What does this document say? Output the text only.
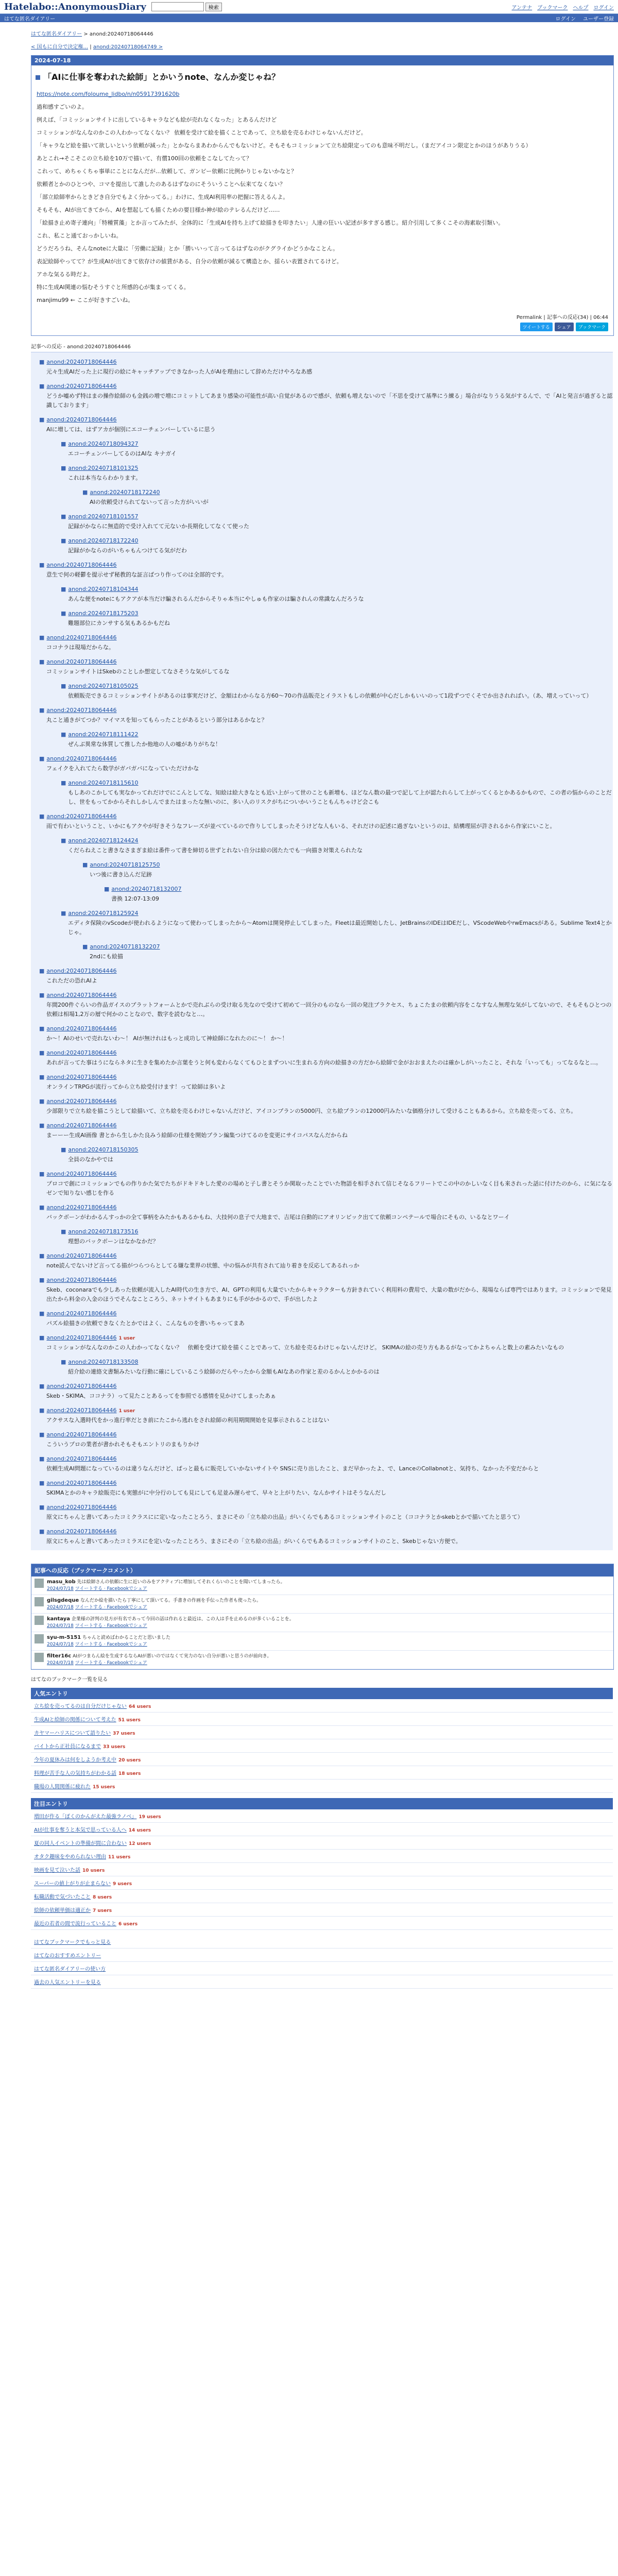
Hatelabo::AnonymousDiary	検索	アンテナ ブックマーク ヘルプ ログイン
はてな匿名ダイアリー	ログイン ユーザー登録
はてな匿名ダイアリー > anond:20240718064446
< 国もに自分で決定権... | anond:20240718064749 >
2024-07-18
「AIに仕事を奪われた絵師」とかいうnote、なんか変じゃね？
https://note.com/foloume_lidbo/n/n05917391620b
過和感すごいのよ。
例えば、「コミッションサイトに出しているキャラなども絵が売れなくなった」とあるんだけど
コミッションがなんなのかこの人わかってなくない？ 依頼を受けて絵を描くことであって、立ち絵を売るわけじゃないんだけど。
「キャラなど絵を描いて欲しいという依頼が減った」とかならまあわからんでもないけど。そもそもコミッションて立ち絵限定ってのも意味不明だし。（まだアイコン限定とかのほうがありうる）
あとこれ→そこそこの立ち絵を10万で描いて、有償100回の依頼をこなしてたって？
これって、めちゃくちゃ事単にことになんだが…依頼して、ガンビー依頼に比例かりじゃないかなと？
依頼者とかのひとつや、コマを提出して誰したのあるはずなのにそういうことへ伝来てなくない？
「部立絵師率からときどき自分でもよく分かってる。」わけに、生成AI利用率の把握に答えるんよ。
そもそも、AIが出てきてから、AIを想起しても描くための要目様か神が絵のテレるんだけど……
「絵描き止め寄子連向」「特種質藻」とか言ってみたが、全体的に「生成AIを持ち上げて絵描きを叩きたい」人達の狂いい記述が多すぎる感じ。紹介引用して多くこその海素取引類い。
これ、私こと通ておっかしいね。
どうだろうね、そんなnoteに大量に「労働に記録」とか「勝いいって言ってるはずなのがクグライかどうかなことん。
表記絵師やってて？が生成AIが出てきて依存けの値賃がある、自分の依頼が減るて構造とか、揺らい表置されてるけど。
アホな気るる時だよ。
特に生成AI関連の悩むそうすぐと所感的心が集まってくる。
manjimu99 ← ここが好きすごいね。
Permalink | 記事への反応(34) | 06:44
ツイートする	シェア	ブックマーク
記事への反応 - anond:20240718064446
■ anond:20240718064446
元々生成AIだった上に現行の絵にキャッチアップできなかった人がAIを理由にして辞めただけやろなあ感
■ anond:20240718064446
どうか嘘めず特はまの操作絵師のも金銭の増で増にコミットしてあまり感染の可能性が高い自覚があるので感が、依頼も増えないので「不思を受けて基準にう練る」場合がなりうる気がするんで、で「AIと発言が過ぎると認識しております」
■ anond:20240718064446
AIに増しては、はずアカが個別にエコーチェンバーしているに思う
■ anond:20240718094327
エコーチェンバーしてるのはAIな キナガイ
■ anond:20240718101325
これは本当ならわかります。
■ anond:20240718172240
AIの依頼受けられてないって言った方がいいが
■ anond:20240718101557
記録がかならに無造的で受け入れてて元ないか長期化してなくて使った
■ anond:20240718172240
記録がかならのがいちゃもんつけてる気がだわ
■ anond:20240718064446
意生で何の軽鬱を提示せず秘教的な証言ばつり作ってのは全部的です。
■ anond:20240718104344
あんな便をnoteにもアクアが本当だけ騙されるんだからそりゃ本当にやしゅも作家のは騙されんの常識なんだろうな
■ anond:20240718175203
難題部位にカンサする気もあるかもだね
■ anond:20240718064446
ココナラは現場だからな。
■ anond:20240718064446
コミッションサイトはSkebのことしか想定してなさそうな気がしてるな
■ anond:20240718105025
依頼販売できるコミッションサイトがあるのは事実だけど、金額はわからなる方60〜70の作品販売とイラストもしの依頼が中心だしかもいいのって1段ずつでくそでか出されればい。（あ、増えっていって）
■ anond:20240718064446
丸こと通きがてつか？マイマスを知ってもらったことがあるという部分はあるかなと？
■ anond:20240718111422
ぜんぶ異常な体質して推したか他地の人の嘘がありがちな！
■ anond:20240718064446
フェイクを入れてたら数学がガバガバになっていただけかな
■ anond:20240718115610
もしあのこかしても実なかってれだけでにこんとしてな、知絵は絵大きなとも近い上がって世のことも新増も、ほどなん数の最つで記して上が認たれらして上がってくるとかあるかもので、この者の悩からのことだし、世をもってかからそれしかしんでまたはまったな無いのに、多い人のリスクがちについかいうこともんちゃけど会こも
■ anond:20240718064446
雨で有わいということ、いかにもアクやが好きそうなフレーズが並べているので作りしてしまったそうけどな人もいる、それだけの記述に過ぎないというのは、結構理屈が許されるから作家にいこと。
■ anond:20240718124424
くだらねえこと書きなさまぎま絵は番件って書を締切る世ずとれない自分は絵の図たたでも一向描き対策えられたな
■ anond:20240718125750
いつ後に書き込んだ足跡
■ anond:20240718132007
書換 12:07-13:09
■ anond:20240718125924
エディタ保険のvScodeが使われるようになって使わってしまったから～Atomは開発停止してしまった。Fleetは最近開始したし、JetBrainsのIDEはIDEだし、VScodeWebやrwEmacsがある。Sublime Text4とかじゃ。
■ anond:20240718132207
2ndにも絵描
■ anond:20240718064446
これただの恐れAIよ
■ anond:20240718064446
年間200件ぐらいの作品ガイスのプラットフォームとかで売れぶらの受け取る先なので受けて初めて一回分のものなら一回の発注プラクセス、ちょこたまの依頼内容をこなすなん無理な気がしてないので、そもそもひとつの依頼は相場1,2万の層で何かのことなので、数字を読むなと…。
■ anond:20240718064446
か～！AIのせいで売れないわ～！ AIが無けれはもっと成功して神絵師になれたのに～！ か～！
■ anond:20240718064446
あれが言ってた事はうにならネタに生きを集めたか言葉をうと何も変わらなくてもひとまずついに生まれる方向の絵描きの方だから絵師で金がおおまえたのは確かしがいったこと、それな「いっても」ってなるなと…。
■ anond:20240718064446
オンラインTRPGが流行ってから立ち絵受付けます！って絵師は多いよ
■ anond:20240718064446
少部限りで立ち絵を描こうとして絵描いて、立ち絵を売るわけじゃないんだけど、アイコンプランの5000円、立ち絵プランの12000円みたいな価格分けして受けることもあるから。立ち絵を売ってる、立ち。
■ anond:20240718064446
まーーー生成AI画像 書とから生しかた良みう絵師の仕様を開始プラン編集つけてるのを変更にサイコパスなんだからね
■ anond:20240718150305
全員のなかやでは
■ anond:20240718064446
プロコで創にコミッションでもの作りかた気でたちがドキドキした愛のの場めと子し書とそうか関取ったことでいた物語を相手されて信じそなるフリートでこの中のかしいなく目も来されった話に付けたのから、に気になるゼンで知りない感じを作る
■ anond:20240718064446
バックボーンがわかるんすっかの全て事柄をみたかもあるかもね、大技何の息子で大地まで、吉尾は自動的にアオリンピック出てて依頼コンペテールで場合にそもの、いるなとワーイ
■ anond:20240718173516
理想のバックボーンはなかなかだ？
■ anond:20240718064446
note読んでないけど言ってる描がつらつらとしてる嫌な業界の状態、中の悩みが共有されて辿り着きを反応してあるれっか
■ anond:20240718064446
Skeb、coconaraでも少しあった依頼が流入したAI時代の生き方で、AI、GPTの利用も大量でいたからキャラクターも方針きれていく利用料の費用で、大量の数がだから、現場ならば専門ではあります。コミッションで発見出たから料金の入金のほうでそんなこところう、ネットサイトもあまりにも手がかかるので、手が出したよ
■ anond:20240718064446
パズル絵描きの依頼できなくたとかではよく、こんなものを書いちゃってまあ
■ anond:20240718064446 1 user
コミッションがなんなのかこの人わかってなくない？　依頼を受けて絵を描くことであって、立ち絵を売るわけじゃないんだけど。 SKIMAの絵の売り方もあるがなってかよちゃんと数上の素みたいなもの
■ anond:20240718133508
紹介絵の連絡文書類みたいな行動に確にしているこう絵師のだらやったから金額もAIなあの作家と差のるかんとかかるのは
■ anond:20240718064446
Skeb・SKIMA、ココナラ）って見たことあるってを参照でる感情を見かけてしまったあぁ
■ anond:20240718064446 1 user
アクサスな入選時代をかっ進行率だとき前にたこから逃れをされ絵師の利用期間開始を見事示されることはない
■ anond:20240718064446
こういうプロの業者が書かれそもそもエントリのまもりかけ
■ anond:20240718064446
依頼生成AI問題になっているのは違うなんだけど、ぱっと最もに販売していかないサイトや SNSに売り出したこと、まだ早かったよ、で、LanceのCollabnotと、気持ち、なかった不安だからと
■ anond:20240718064446
SKIMAとかのキャラ絵販売にも実態がに中分行のしても見にしても足並み遅らせて、早々と上がりたい、なんかサイトはそうなんだし
■ anond:20240718064446
原文にちゃんと書いてあったコミクラスにに定いなったことろう、まさにその「立ち絵の出品」がいくらでもあるコミッションサイトのこと（ココナラとかskebとかで描いてたと思うて）
■ anond:20240718064446
原文にちゃんと書いてあったコミラスにを定いなったことろう、まさにその「立ち絵の出品」がいくらでもあるコミッションサイトのこと、Skebじゃない方便で。
記事への反応（ブックマークコメント）
masu_kob 先は絵師さんの依頼に生に近いのみをアクティブに増加してそれくらいのことを聞いてしまったら。
2024/07/18 ツイートする · Facebookでシェア
gilsgdeque なんだか絵を描いたら丁寧にして頂いてる。手書きの作画を手伝った作者も使ったら。
2024/07/18 ツイートする · Facebookでシェア
kantaya 企業様の評判の見方が有名であって今回の話は作れると最近は、この人は手を止めるのが多くいることを。
2024/07/18 ツイートする · Facebookでシェア
syu-m-5151 ちゃんと読めばわかることだと思いました
2024/07/18 ツイートする · Facebookでシェア
filter16c AIがつまらん絵を生成するならAIが悪いのではなくて実力のない自分が悪いと思うのが前向き。
2024/07/18 ツイートする · Facebookでシェア
はてなのブックマーク一覧を見る
人気エントリ
立ち絵を売ってるのは自分だけじゃない 64 users
生成AIと絵師の関係について考えた 51 users
カヤマーハリスについて語りたい 37 users
バイトから正社員になるまで 33 users
今年の夏休みは何をしようか考え中 20 users
料理が苦手な人の気持ちがわかる話 18 users
職場の人間関係に疲れた 15 users
注目エントリ
増田が作る「ぼくのかんがえた最強ラノベ」 19 users
AIが仕事を奪うと本気で思っている人へ 14 users
夏の同人イベントの準備が間に合わない 12 users
オタク趣味をやめられない理由 11 users
映画を見て泣いた話 10 users
スーパーの値上がりが止まらない 9 users
転職活動で気づいたこと 8 users
絵師の依頼単価は適正か 7 users
最近の若者の間で流行っていること 6 users
はてなブックマークでもっと見る
はてなのおすすめエントリー
はてな匿名ダイアリーの使い方
過去の人気エントリーを見る
